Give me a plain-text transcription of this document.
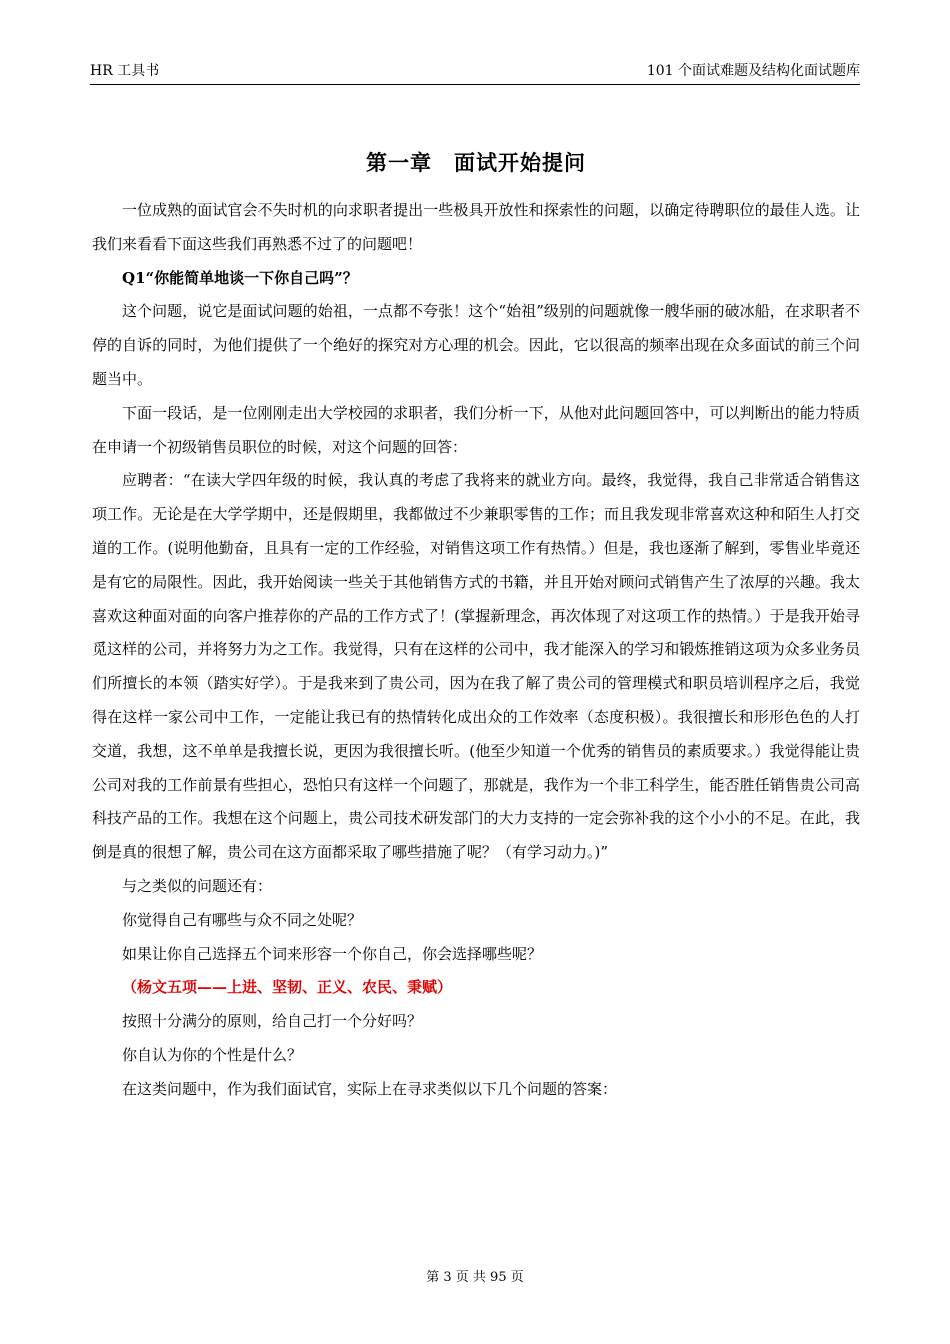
HR 工具书	101 个面试难题及结构化面试题库
第一章　面试开始提问

一位成熟的面试官会不失时机的向求职者提出一些极具开放性和探索性的问题，以确定待聘职位的最佳人选。让我们来看看下面这些我们再熟悉不过了的问题吧！

Q1“你能简单地谈一下你自己吗”？

这个问题，说它是面试问题的始祖，一点都不夸张！这个“始祖”级别的问题就像一艘华丽的破冰船，在求职者不停的自诉的同时，为他们提供了一个绝好的探究对方心理的机会。因此，它以很高的频率出现在众多面试的前三个问题当中。

下面一段话，是一位刚刚走出大学校园的求职者，我们分析一下，从他对此问题回答中，可以判断出的能力特质在申请一个初级销售员职位的时候，对这个问题的回答：

应聘者：“在读大学四年级的时候，我认真的考虑了我将来的就业方向。最终，我觉得，我自己非常适合销售这项工作。无论是在大学学期中，还是假期里，我都做过不少兼职零售的工作；而且我发现非常喜欢这种和陌生人打交道的工作。(说明他勤奋，且具有一定的工作经验，对销售这项工作有热情。）但是，我也逐渐了解到，零售业毕竟还是有它的局限性。因此，我开始阅读一些关于其他销售方式的书籍，并且开始对顾问式销售产生了浓厚的兴趣。我太喜欢这种面对面的向客户推荐你的产品的工作方式了！(掌握新理念，再次体现了对这项工作的热情。）于是我开始寻觅这样的公司，并将努力为之工作。我觉得，只有在这样的公司中，我才能深入的学习和锻炼推销这项为众多业务员们所擅长的本领（踏实好学）。于是我来到了贵公司，因为在我了解了贵公司的管理模式和职员培训程序之后，我觉得在这样一家公司中工作，一定能让我已有的热情转化成出众的工作效率（态度积极）。我很擅长和形形色色的人打交道，我想，这不单单是我擅长说，更因为我很擅长听。(他至少知道一个优秀的销售员的素质要求。）我觉得能让贵公司对我的工作前景有些担心，恐怕只有这样一个问题了，那就是，我作为一个非工科学生，能否胜任销售贵公司高科技产品的工作。我想在这个问题上，贵公司技术研发部门的大力支持的一定会弥补我的这个小小的不足。在此，我倒是真的很想了解，贵公司在这方面都采取了哪些措施了呢？（有学习动力。)”

与之类似的问题还有：

你觉得自己有哪些与众不同之处呢？

如果让你自己选择五个词来形容一个你自己，你会选择哪些呢？

（杨文五项——上进、坚韧、正义、农民、秉赋）

按照十分满分的原则，给自己打一个分好吗？

你自认为你的个性是什么？

在这类问题中，作为我们面试官，实际上在寻求类似以下几个问题的答案：

第 3 页 共 95 页
